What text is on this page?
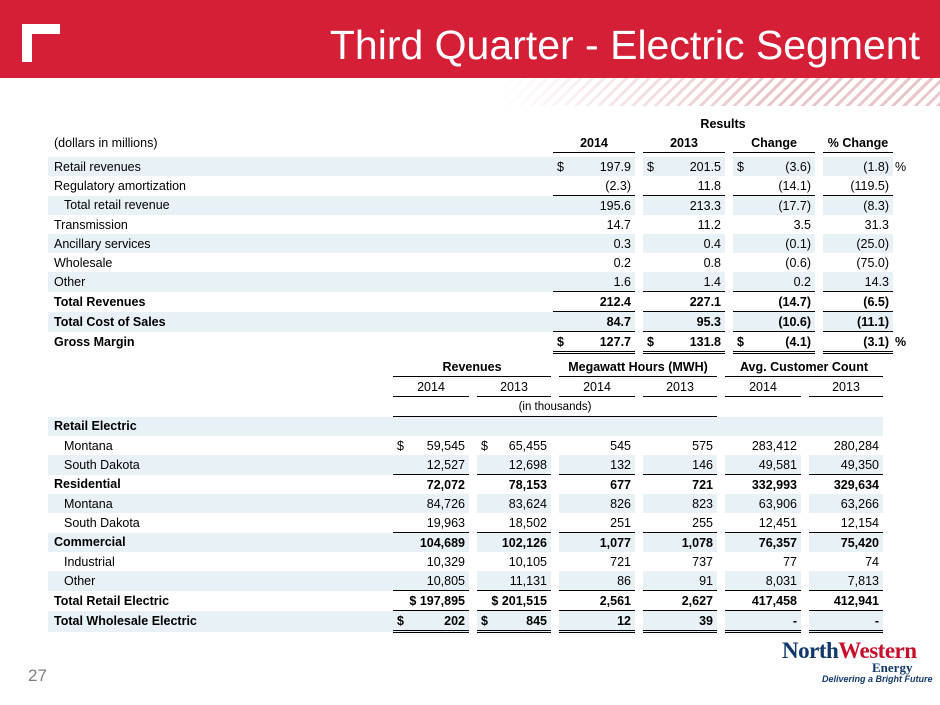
Third Quarter - Electric Segment
	Results							
(dollars in millions)	2014		2013		Change		% Change	

Retail revenues	$ 197.9		$ 201.5		$ (3.6)		(1.8)	%
Regulatory amortization	(2.3)		11.8		(14.1)		(119.5)	
Total retail revenue	195.6		213.3		(17.7)		(8.3)	
Transmission	14.7		11.2		3.5		31.3	
Ancillary services	0.3		0.4		(0.1)		(25.0)	
Wholesale	0.2		0.8		(0.6)		(75.0)	
Other	1.6		1.4		0.2		14.3	
Total Revenues	212.4		227.1		(14.7)		(6.5)	
Total Cost of Sales	84.7		95.3		(10.6)		(11.1)	
Gross Margin	$ 127.7		$ 131.8		$ (4.1)		(3.1)	%
	Revenues				Megawatt Hours (MWH)				Avg. Customer Count		
	2014		2013		2014		2013		2014		2013
	(in thousands)										
Retail Electric											
Montana	$ 59,545		$ 65,455		545		575		283,412		280,284
South Dakota	12,527		12,698		132		146		49,581		49,350
Residential	72,072		78,153		677		721		332,993		329,634
Montana	84,726		83,624		826		823		63,906		63,266
South Dakota	19,963		18,502		251		255		12,451		12,154
Commercial	104,689		102,126		1,077		1,078		76,357		75,420
Industrial	10,329		10,105		721		737		77		74
Other	10,805		11,131		86		91		8,031		7,813
Total Retail Electric	$ 197,895		$ 201,515		2,561		2,627		417,458		412,941
Total Wholesale Electric	$ 202		$ 845		12		39		-		-
27
NorthWestern
Energy
Delivering a Bright Future
